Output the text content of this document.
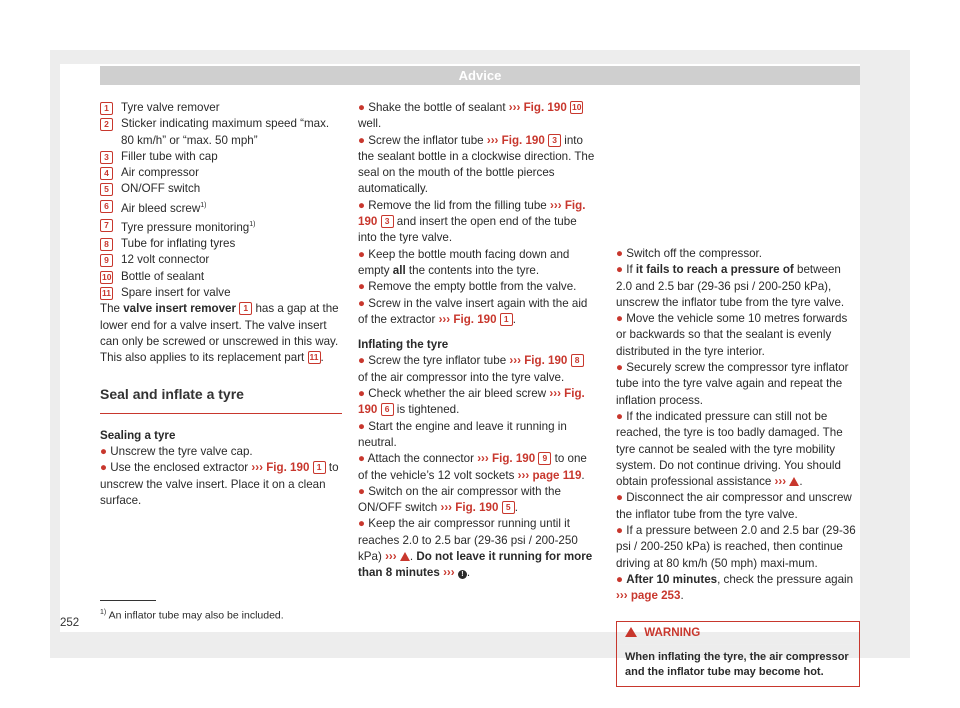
Advice
1	Tyre valve remover
2	Sticker indicating maximum speed “max. 80 km/h” or “max. 50 mph”
3	Filler tube with cap
4	Air compressor
5	ON/OFF switch
6	Air bleed screw$^{1)}$
7	Tyre pressure monitoring$^{1)}$
8	Tube for inflating tyres
9	12 volt connector
10 Bottle of sealant
11 Spare insert for valve

The valve insert remover 1 has a gap at the lower end for a valve insert. The valve insert can only be screwed or unscrewed in this way. This also applies to its replacement part 11 .

Seal and inflate a tyre

Sealing a tyre

● Unscrew the tyre valve cap.

● Use the enclosed extractor ››› Fig. 190 1 to unscrew the valve insert. Place it on a clean surface.

● Shake the bottle of sealant ››› Fig. 190 10 well.

● Screw the inflator tube ››› Fig. 190 3 into the sealant bottle in a clockwise direction. The seal on the mouth of the bottle pierces automatically.

● Remove the lid from the filling tube ››› Fig. 190 3 and insert the open end of the tube into the tyre valve.

● Keep the bottle mouth facing down and empty all the contents into the tyre.

● Remove the empty bottle from the valve.

● Screw in the valve insert again with the aid of the extractor ››› Fig. 190 1 .

Inflating the tyre

● Screw the tyre inflator tube ››› Fig. 190 8 of the air compressor into the tyre valve.

● Check whether the air bleed screw ››› Fig. 190 6 is tightened.

● Start the engine and leave it running in neutral.

● Attach the connector ››› Fig. 190 9 to one of the vehicle’s 12 volt sockets ››› page 119.

● Switch on the air compressor with the ON/OFF switch ››› Fig. 190 5 .

● Keep the air compressor running until it reaches 2.0 to 2.5 bar (29-36 psi / 200-250 kPa) ››› . Do not leave it running for more than 8 minutes ››› ! .

● Switch off the compressor.

● If it fails to reach a pressure of between 2.0 and 2.5 bar (29-36 psi / 200-250 kPa), unscrew the inflator tube from the tyre valve.

● Move the vehicle some 10 metres forwards or backwards so that the sealant is evenly distributed in the tyre interior.

● Securely screw the compressor tyre inflator tube into the tyre valve again and repeat the inflation process.

● If the indicated pressure can still not be reached, the tyre is too badly damaged. The tyre cannot be sealed with the tyre mobility system. Do not continue driving. You should obtain professional assistance ››› .

● Disconnect the air compressor and unscrew the inflator tube from the tyre valve.

● If a pressure between 2.0 and 2.5 bar (29-36 psi / 200-250 kPa) is reached, then continue driving at 80 km/h (50 mph) maxi-mum.

● After 10 minutes, check the pressure again ››› page 253.

WARNING
When inflating the tyre, the air compressor and the inflator tube may become hot.
$^{1)}$ An inflator tube may also be included.
252
